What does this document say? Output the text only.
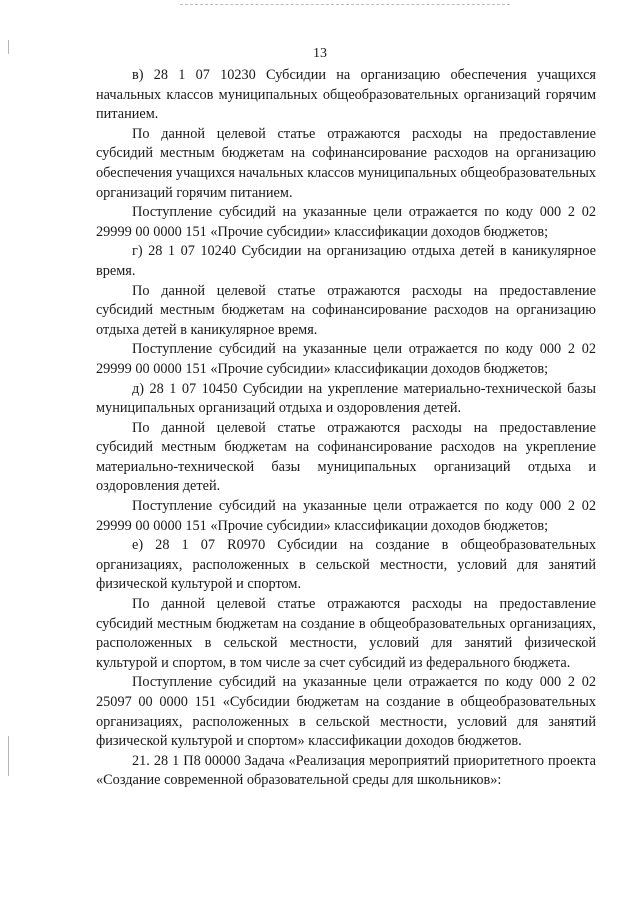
13

в) 28 1 07 10230 Субсидии на организацию обеспечения учащихся начальных классов муниципальных общеобразовательных организаций горячим питанием.

По данной целевой статье отражаются расходы на предоставление субсидий местным бюджетам на софинансирование расходов на организацию обеспечения учащихся начальных классов муниципальных общеобразовательных организаций горячим питанием.

Поступление субсидий на указанные цели отражается по коду 000 2 02 29999 00 0000 151 «Прочие субсидии» классификации доходов бюджетов;

г) 28 1 07 10240 Субсидии на организацию отдыха детей в каникулярное время.

По данной целевой статье отражаются расходы на предоставление субсидий местным бюджетам на софинансирование расходов на организацию отдыха детей в каникулярное время.

Поступление субсидий на указанные цели отражается по коду 000 2 02 29999 00 0000 151 «Прочие субсидии» классификации доходов бюджетов;

д) 28 1 07 10450 Субсидии на укрепление материально-технической базы муниципальных организаций отдыха и оздоровления детей.

По данной целевой статье отражаются расходы на предоставление субсидий местным бюджетам на софинансирование расходов на укрепление материально-технической базы муниципальных организаций отдыха и оздоровления детей.

Поступление субсидий на указанные цели отражается по коду 000 2 02 29999 00 0000 151 «Прочие субсидии» классификации доходов бюджетов;

е) 28 1 07 R0970 Субсидии на создание в общеобразовательных организациях, расположенных в сельской местности, условий для занятий физической культурой и спортом.

По данной целевой статье отражаются расходы на предоставление субсидий местным бюджетам на создание в общеобразовательных организациях, расположенных в сельской местности, условий для занятий физической культурой и спортом, в том числе за счет субсидий из федерального бюджета.

Поступление субсидий на указанные цели отражается по коду 000 2 02 25097 00 0000 151 «Субсидии бюджетам на создание в общеобразовательных организациях, расположенных в сельской местности, условий для занятий физической культурой и спортом» классификации доходов бюджетов.

21. 28 1 П8 00000 Задача «Реализация мероприятий приоритетного проекта «Создание современной образовательной среды для школьников»:
